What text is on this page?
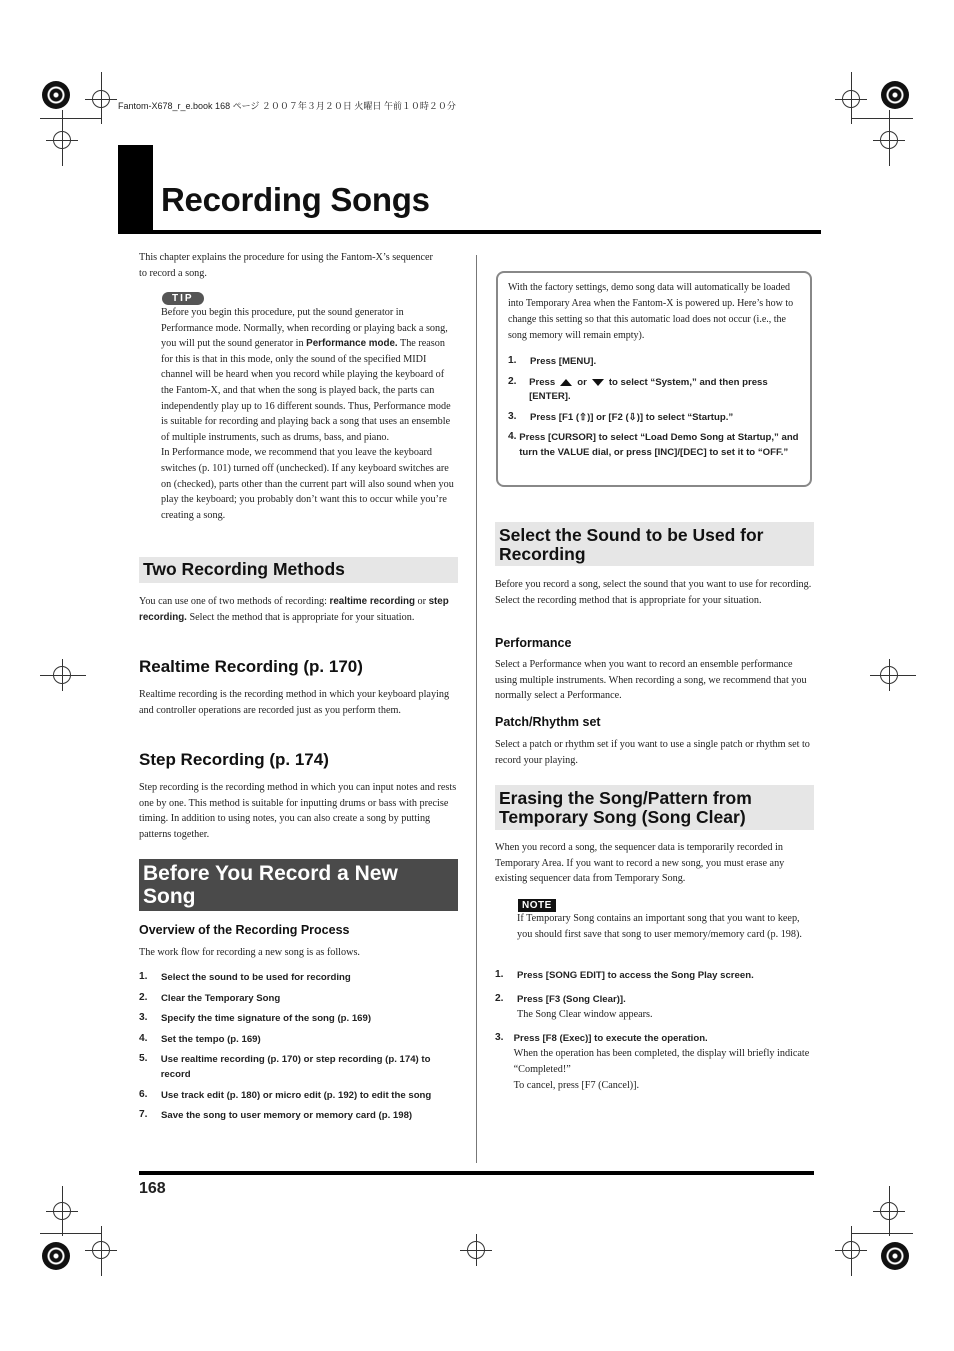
Fantom-X678_r_e.book 168 ページ ２００７年３月２０日 火曜日 午前１０時２０分
Recording Songs
This chapter explains the procedure for using the Fantom-X’s sequencer to record a song.
TIP
Before you begin this procedure, put the sound generator in Performance mode. Normally, when recording or playing back a song, you will put the sound generator in Performance mode. The reason for this is that in this mode, only the sound of the specified MIDI channel will be heard when you record while playing the keyboard of the Fantom-X, and that when the song is played back, the parts can independently play up to 16 different sounds. Thus, Performance mode is suitable for recording and playing back a song that uses an ensemble of multiple instruments, such as drums, bass, and piano.
In Performance mode, we recommend that you leave the keyboard switches (p. 101) turned off (unchecked). If any keyboard switches are on (checked), parts other than the current part will also sound when you play the keyboard; you probably don’t want this to occur while you’re creating a song.
Two Recording Methods
You can use one of two methods of recording: realtime recording or step recording. Select the method that is appropriate for your situation.
Realtime Recording (p. 170)
Realtime recording is the recording method in which your keyboard playing and controller operations are recorded just as you perform them.
Step Recording (p. 174)
Step recording is the recording method in which you can input notes and rests one by one. This method is suitable for inputting drums or bass with precise timing. In addition to using notes, you can also create a song by putting patterns together.
Before You Record a New Song
Overview of the Recording Process
The work flow for recording a new song is as follows.
1.	Select the sound to be used for recording
2.	Clear the Temporary Song
3.	Specify the time signature of the song (p. 169)
4.	Set the tempo (p. 169)
5.	Use realtime recording (p. 170) or step recording (p. 174) to record
6.	Use track edit (p. 180) or micro edit (p. 192) to edit the song
7.	Save the song to user memory or memory card (p. 198)
With the factory settings, demo song data will automatically be loaded into Temporary Area when the Fantom-X is powered up. Here’s how to change this setting so that this automatic load does not occur (i.e., the song memory will remain empty).
1.	Press [MENU].
2.	Press or to select “System,” and then press [ENTER].
3.	Press [F1 (⇧)] or [F2 (⇩)] to select “Startup.”
4. Press [CURSOR] to select “Load Demo Song at Startup,” and turn the VALUE dial, or press [INC]/[DEC] to set it to “OFF.”
Select the Sound to be Used for Recording
Before you record a song, select the sound that you want to use for recording. Select the recording method that is appropriate for your situation.
Performance
Select a Performance when you want to record an ensemble performance using multiple instruments. When recording a song, we recommend that you normally select a Performance.
Patch/Rhythm set
Select a patch or rhythm set if you want to use a single patch or rhythm set to record your playing.
Erasing the Song/Pattern from Temporary Song (Song Clear)
When you record a song, the sequencer data is temporarily recorded in Temporary Area. If you want to record a new song, you must erase any existing sequencer data from Temporary Song.
NOTE
If Temporary Song contains an important song that you want to keep, you should first save that song to user memory/memory card (p. 198).
1.	Press [SONG EDIT] to access the Song Play screen.
2.	Press [F3 (Song Clear)].
The Song Clear window appears.
3.	Press [F8 (Exec)] to execute the operation.
When the operation has been completed, the display will briefly indicate “Completed!”
To cancel, press [F7 (Cancel)].
168
